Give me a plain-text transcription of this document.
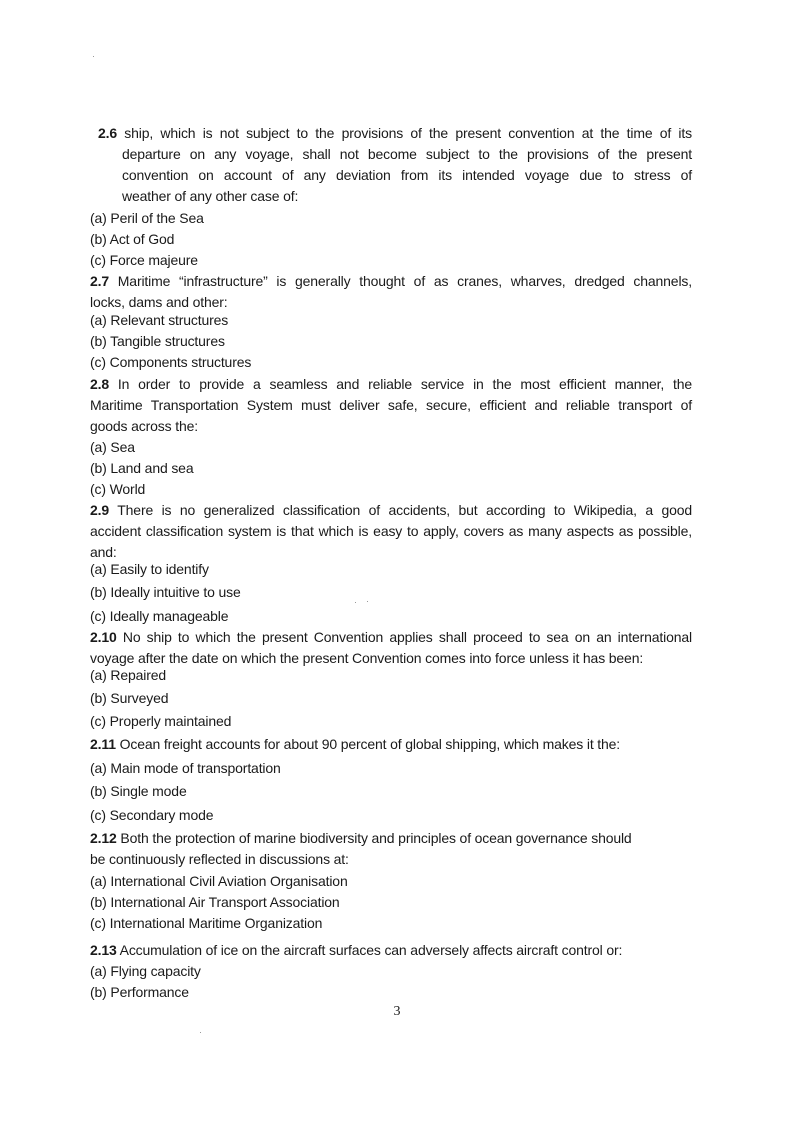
2.6 ship, which is not subject to the provisions of the present convention at the time of its
departure on any voyage, shall not become subject to the provisions of the present
convention on account of any deviation from its intended voyage due to stress of
weather of any other case of:
(a) Peril of the Sea
(b) Act of God
(c) Force majeure
2.7 Maritime “infrastructure” is generally thought of as cranes, wharves, dredged channels,
locks, dams and other:
(a) Relevant structures
(b) Tangible structures
(c) Components structures
2.8 In order to provide a seamless and reliable service in the most efficient manner, the
Maritime Transportation System must deliver safe, secure, efficient and reliable transport of
goods across the:
(a) Sea
(b) Land and sea
(c) World
2.9 There is no generalized classification of accidents, but according to Wikipedia, a good
accident classification system is that which is easy to apply, covers as many aspects as possible,
and:
(a) Easily to identify
(b) Ideally intuitive to use
(c) Ideally manageable
2.10 No ship to which the present Convention applies shall proceed to sea on an international
voyage after the date on which the present Convention comes into force unless it has been:
(a) Repaired
(b) Surveyed
(c) Properly maintained
2.11 Ocean freight accounts for about 90 percent of global shipping, which makes it the:
(a) Main mode of transportation
(b) Single mode
(c) Secondary mode
2.12 Both the protection of marine biodiversity and principles of ocean governance should
be continuously reflected in discussions at:
(a) International Civil Aviation Organisation
(b) International Air Transport Association
(c) International Maritime Organization
2.13 Accumulation of ice on the aircraft surfaces can adversely affects aircraft control or:
(a) Flying capacity
(b) Performance
3
